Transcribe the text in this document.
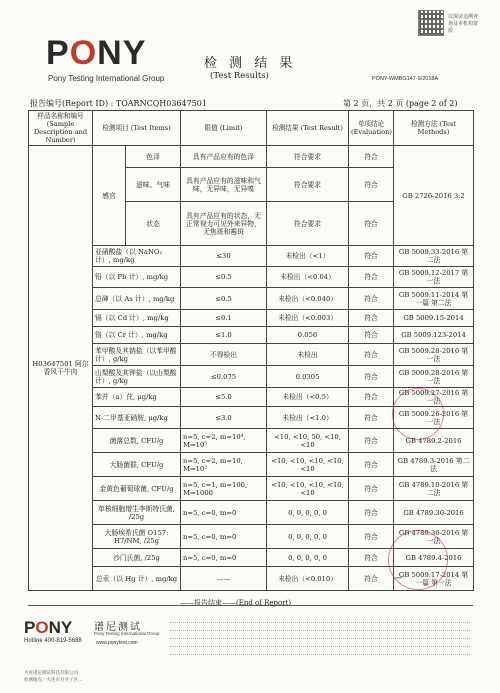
PONY
Pony Testing International Group
检 测 结 果
(Test Results)	PONY-WMBG147-9/2018A
以保证追溯查询及本机构资质
报告编号(Report ID) : TOARNCQH03647501	第 2 页，共 2 页 (page 2 of 2)
样品名称和编号 (Sample Description and Number)	检测项目 (Test Items)		限值 (Limit)	检测结果 (Test Result)	单项结论 (Evaluation)	检测方法 (Test Methods)
H03647501 阿尔香风干牛肉	感官	色泽	具有产品应有的色泽	符合要求	符合	GB 2726-2016 3.2
		滋味、气味	具有产品应有的滋味和气味，无异味，无异嗅	符合要求	符合	
		状态	具有产品应有的状态，无正常视力可见外来异物，无焦斑和霉斑	符合要求	符合	
	亚硝酸盐（以 NaNO₂ 计）, mg/kg		≤30	未检出（<1）	符合	GB 5009.33-2016 第二法
	铅（以 Pb 计）, mg/kg		≤0.5	未检出（<0.04）	符合	GB 5009.12-2017 第一法
	总砷（以 As 计）, mg/kg		≤0.5	未检出（<0.040）	符合	GB 5009.11-2014 第一篇 第二法
	镉（以 Cd 计）, mg/kg		≤0.1	未检出（<0.003）	符合	GB 5009.15-2014
	铬（以 Cr 计）, mg/kg		≤1.0	0.056	符合	GB 5009.123-2014
	苯甲酸及其钠盐（以苯甲酸计）, g/kg		不得检出	未检出	符合	GB 5009.28-2016 第一法
	山梨酸及其钾盐（以山梨酸计）, g/kg		≤0.075	0.0305	符合	GB 5009.28-2016 第一法
	苯并（a）芘, μg/kg		≤5.0	未检出（<0.5）	符合	GB 5009.27-2016 第一法
	N-二甲基亚硝胺, μg/kg		≤3.0	未检出（<1.0）	符合	GB 5009.26-2016 第一法
	菌落总数, CFU/g		n=5, c=2, m=10⁴, M=10⁵	<10, <10, 50, <10, <10	符合	GB 4789.2-2016
	大肠菌群, CFU/g		n=5, c=2, m=10, M=10²	<10, <10, <10, <10, <10	符合	GB 4789.3-2016 第二法
	金黄色葡萄球菌, CFU/g		n=5, c=1, m=100, M=1000	<10, <10, <10, <10, <10	符合	GB 4789.10-2016 第二法
	单核细胞增生李斯特氏菌, /25g		n=5, c=0, m=0	0, 0, 0, 0, 0	符合	GB 4789.30-2016
	大肠埃希氏菌 O157: H7/NM, /25g		n=5, c=0, m=0	0, 0, 0, 0, 0	符合	GB 4789.36-2016 第一法
	沙门氏菌, /25g		n=5, c=0, m=0	0, 0, 0, 0, 0	符合	GB 4789.4-2016
	总汞（以 Hg 计）, mg/kg		——	未检出（<0.010）	符合	GB 5009.17-2014 第一篇 第一法
~
——报告结束——(End of Report)
PONY 谱尼测试
Pony Testing International Group
Hotline 400-819-5688	www.ponytest.com
大连谱尼测试科技有限公司
检测地点：大连市甘井子区...
